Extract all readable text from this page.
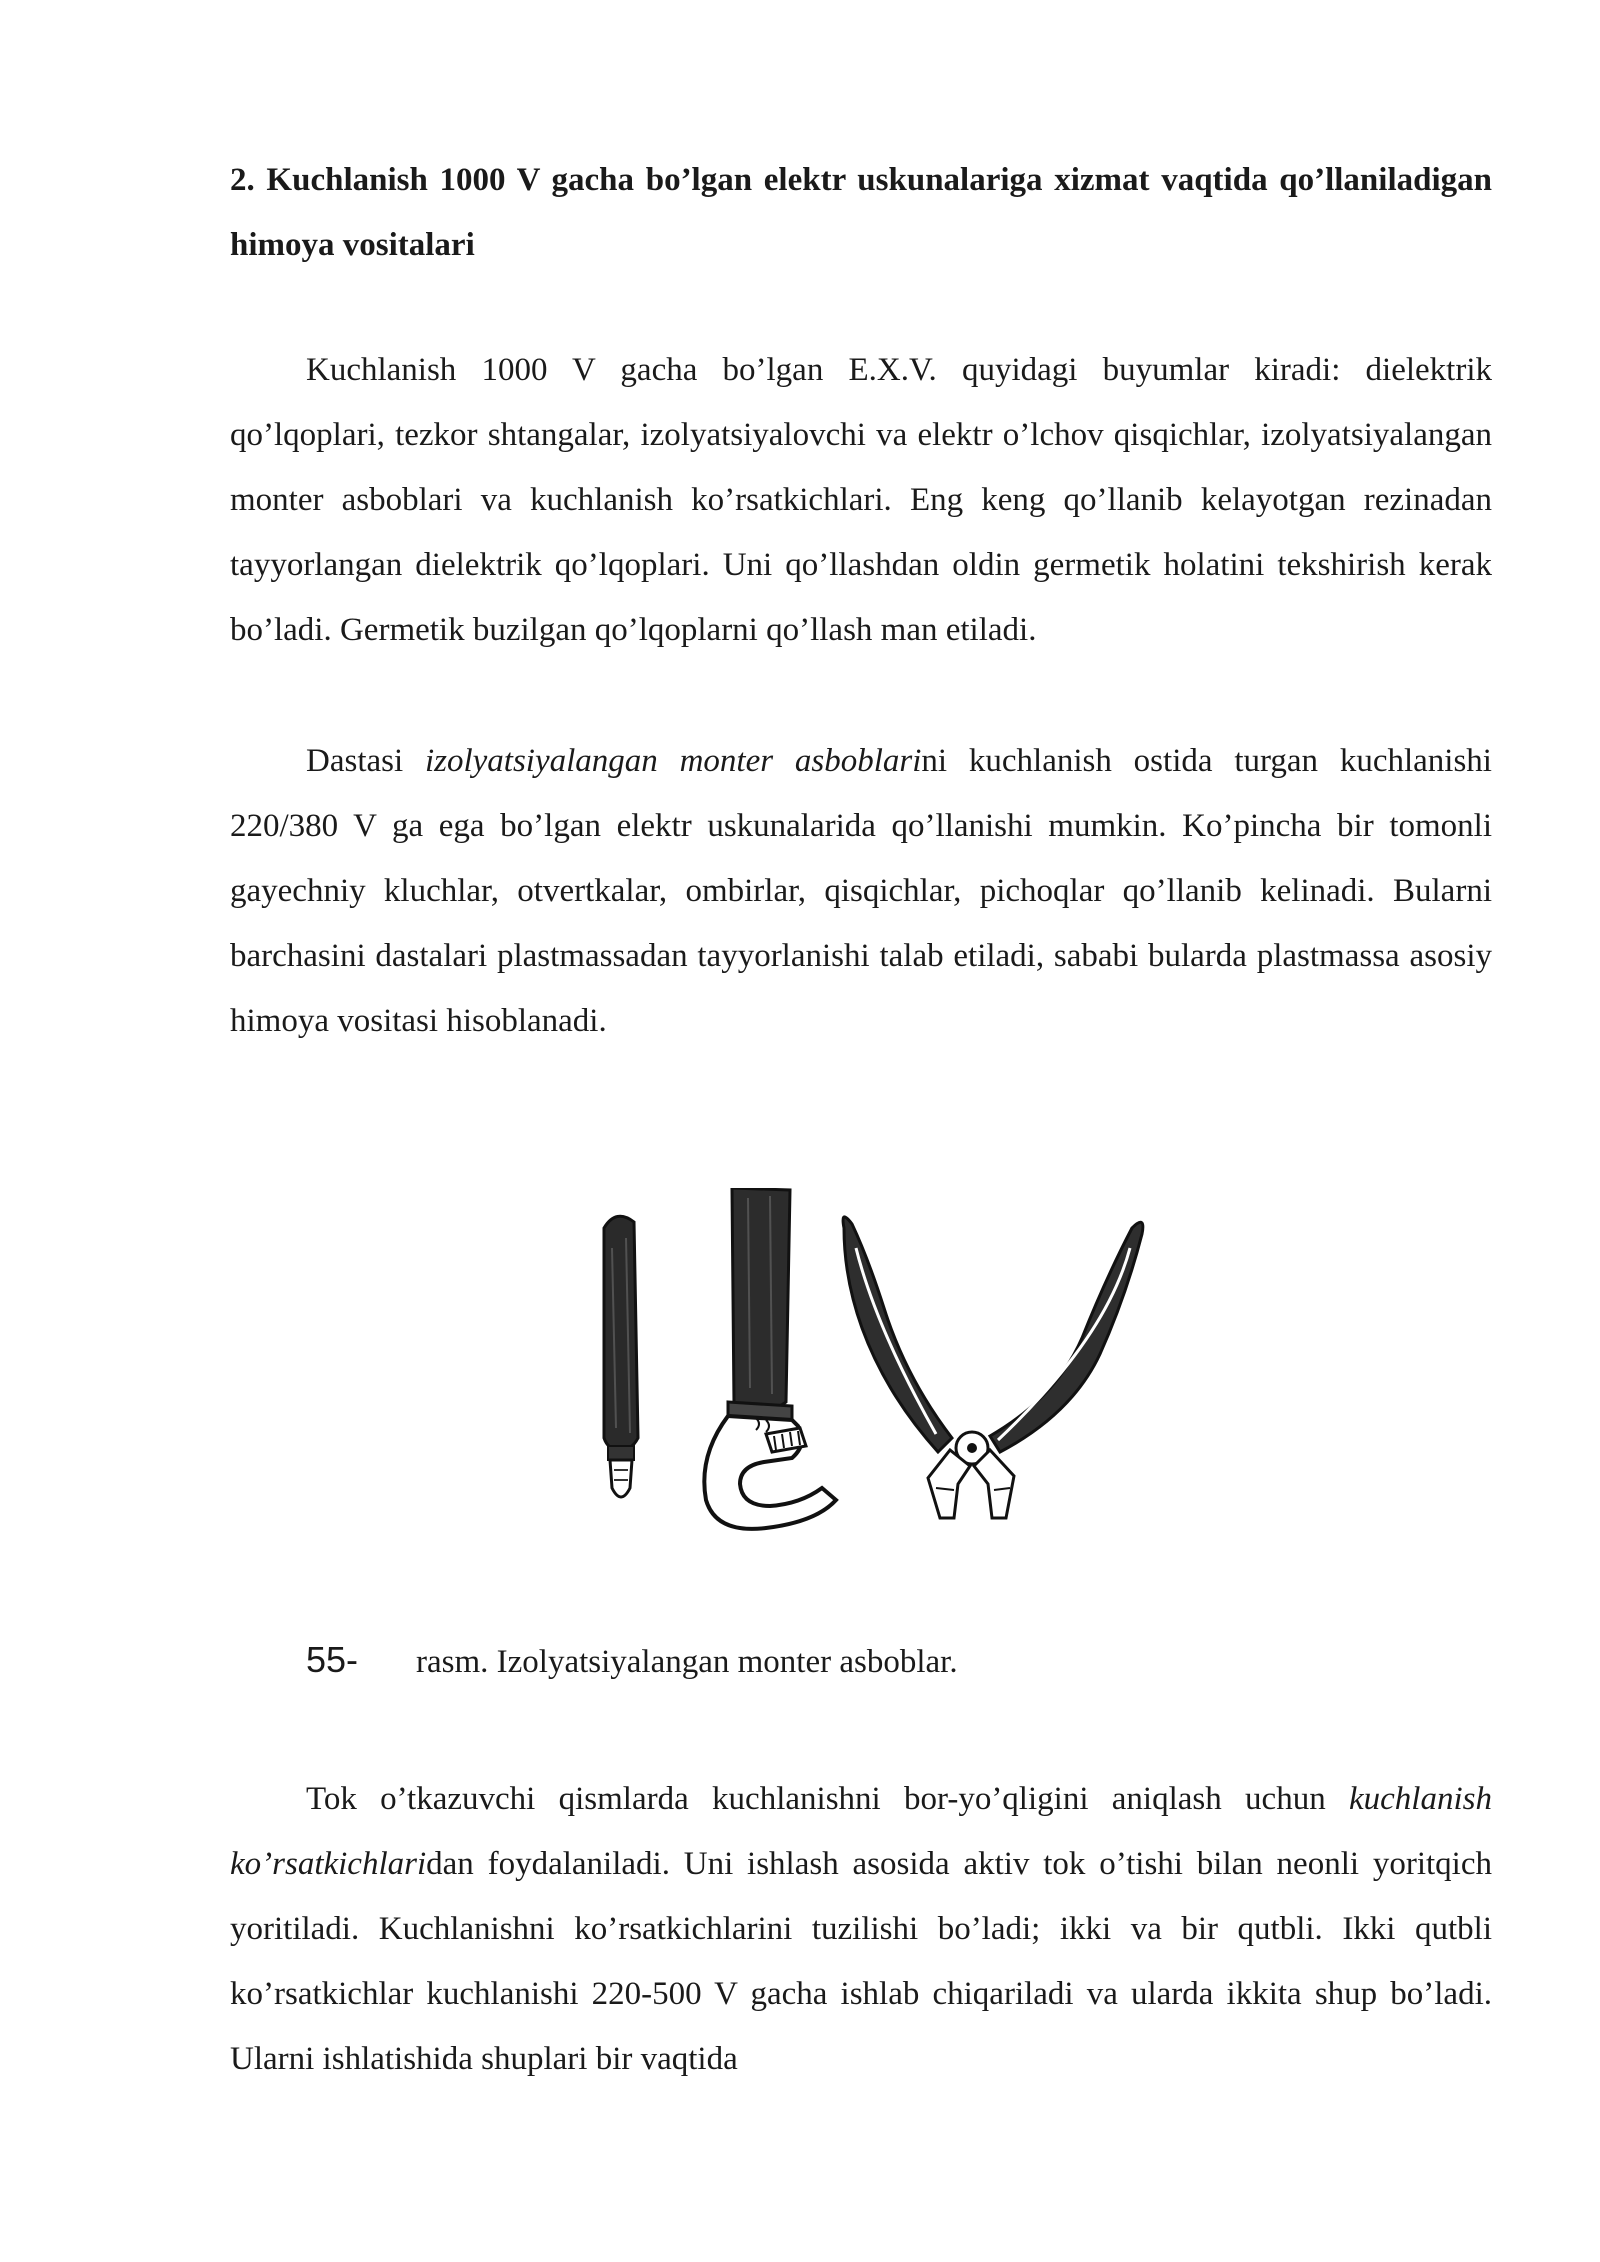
2. Kuchlanish 1000 V gacha bo’lgan elektr uskunalariga xizmat vaqtida qo’llaniladigan himoya vositalari

Kuchlanish 1000 V gacha bo’lgan E.X.V. quyidagi buyumlar kiradi: dielektrik qo’lqoplari, tezkor shtangalar, izolyatsiyalovchi va elektr o’lchov qisqichlar, izolyatsiyalangan monter asboblari va kuchlanish ko’rsatkichlari. Eng keng qo’llanib kelayotgan rezinadan tayyorlangan dielektrik qo’lqoplari. Uni qo’llashdan oldin germetik holatini tekshirish kerak bo’ladi. Germetik buzilgan qo’lqoplarni qo’llash man etiladi.

Dastasi izolyatsiyalangan monter asboblarini kuchlanish ostida turgan kuchlanishi 220/380 V ga ega bo’lgan elektr uskunalarida qo’llanishi mumkin. Ko’pincha bir tomonli gayechniy kluchlar, otvertkalar, ombirlar, qisqichlar, pichoqlar qo’llanib kelinadi. Bularni barchasini dastalari plastmassadan tayyorlanishi talab etiladi, sababi bularda plastmassa asosiy himoya vositasi hisoblanadi.

55-	rasm. Izolyatsiyalangan monter asboblar.

Tok o’tkazuvchi qismlarda kuchlanishni bor-yo’qligini aniqlash uchun kuchlanish ko’rsatkichlaridan foydalaniladi. Uni ishlash asosida aktiv tok o’tishi bilan neonli yoritqich yoritiladi. Kuchlanishni ko’rsatkichlarini tuzilishi bo’ladi; ikki va bir qutbli. Ikki qutbli ko’rsatkichlar kuchlanishi 220-500 V gacha ishlab chiqariladi va ularda ikkita shup bo’ladi. Ularni ishlatishida shuplari bir vaqtida
